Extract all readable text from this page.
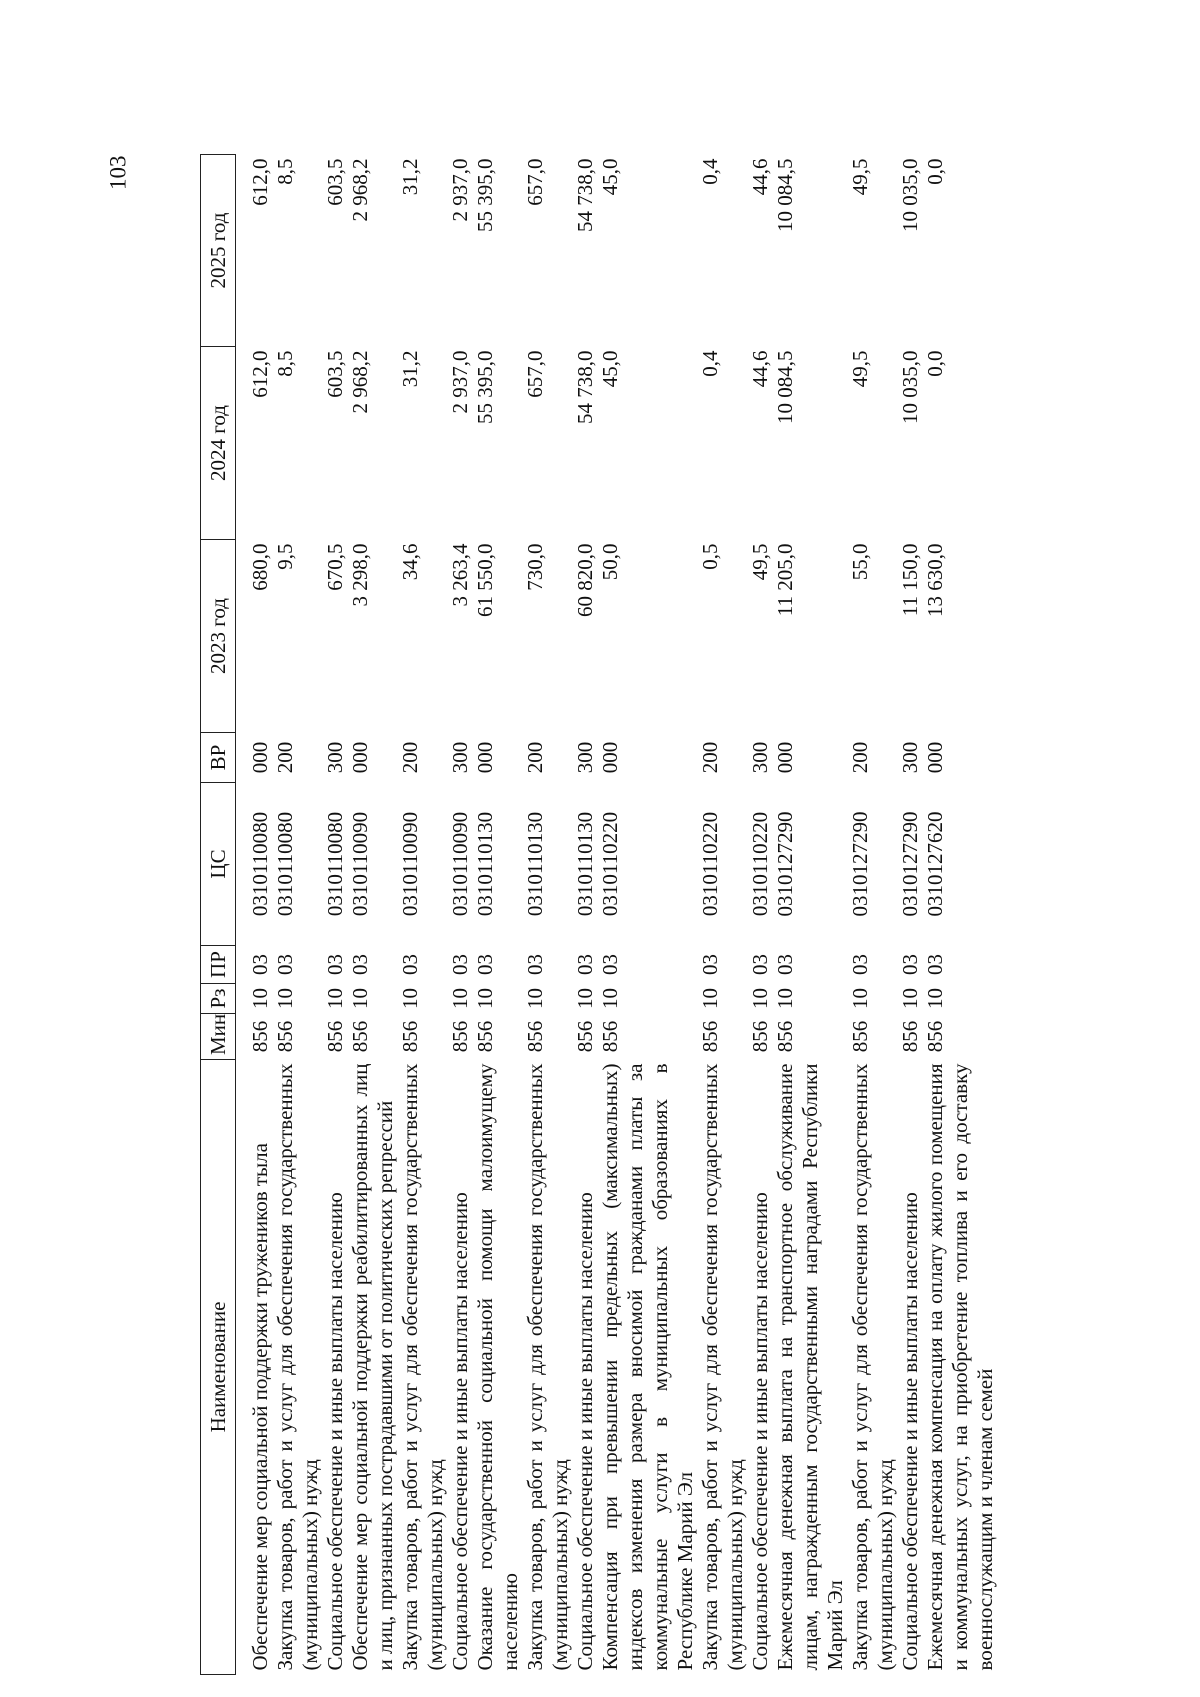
103
Наименование	Мин	Рз	ПР	ЦС	ВР	2023 год	2024 год	2025 год
Обеспечение мер социальной поддержки тружеников тыла	856	10	03	0310110080	000	680,0	612,0	612,0
Закупка товаров, работ и услуг для обеспечения государственных (муниципальных) нужд	856	10	03	0310110080	200	9,5	8,5	8,5
Социальное обеспечение и иные выплаты населению	856	10	03	0310110080	300	670,5	603,5	603,5
Обеспечение мер социальной поддержки реабилитированных лиц и лиц, признанных пострадавшими от политических репрессий	856	10	03	0310110090	000	3 298,0	2 968,2	2 968,2
Закупка товаров, работ и услуг для обеспечения государственных (муниципальных) нужд	856	10	03	0310110090	200	34,6	31,2	31,2
Социальное обеспечение и иные выплаты населению	856	10	03	0310110090	300	3 263,4	2 937,0	2 937,0
Оказание государственной социальной помощи малоимущему населению	856	10	03	0310110130	000	61 550,0	55 395,0	55 395,0
Закупка товаров, работ и услуг для обеспечения государственных (муниципальных) нужд	856	10	03	0310110130	200	730,0	657,0	657,0
Социальное обеспечение и иные выплаты населению	856	10	03	0310110130	300	60 820,0	54 738,0	54 738,0
Компенсация при превышении предельных (максимальных) индексов изменения размера вносимой гражданами платы за коммунальные услуги в муниципальных образованиях в Республике Марий Эл	856	10	03	0310110220	000	50,0	45,0	45,0
Закупка товаров, работ и услуг для обеспечения государственных (муниципальных) нужд	856	10	03	0310110220	200	0,5	0,4	0,4
Социальное обеспечение и иные выплаты населению	856	10	03	0310110220	300	49,5	44,6	44,6
Ежемесячная денежная выплата на транспортное обслуживание лицам, награжденным государственными наградами Республики Марий Эл	856	10	03	0310127290	000	11 205,0	10 084,5	10 084,5
Закупка товаров, работ и услуг для обеспечения государственных (муниципальных) нужд	856	10	03	0310127290	200	55,0	49,5	49,5
Социальное обеспечение и иные выплаты населению	856	10	03	0310127290	300	11 150,0	10 035,0	10 035,0
Ежемесячная денежная компенсация на оплату жилого помещения и коммунальных услуг, на приобретение топлива и его доставку военнослужащим и членам семей	856	10	03	0310127620	000	13 630,0	0,0	0,0
